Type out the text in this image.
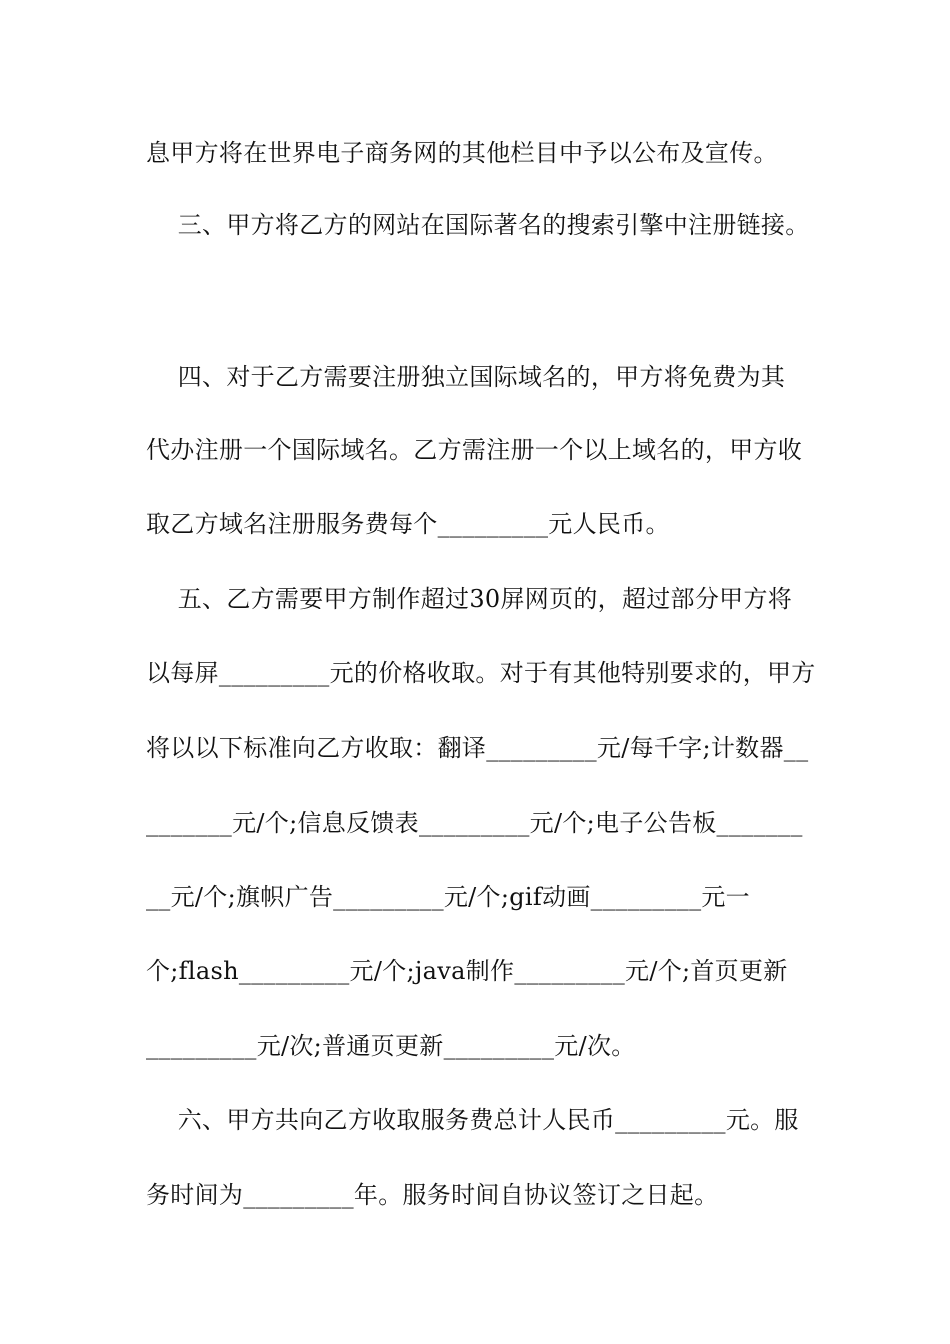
息甲方将在世界电子商务网的其他栏目中予以公布及宣传。
三、甲方将乙方的网站在国际著名的搜索引擎中注册链接。
四、对于乙方需要注册独立国际域名的，甲方将免费为其
代办注册一个国际域名。乙方需注册一个以上域名的，甲方收
取乙方域名注册服务费每个_________元人民币。
五、乙方需要甲方制作超过30屏网页的，超过部分甲方将
以每屏_________元的价格收取。对于有其他特别要求的，甲方
将以以下标准向乙方收取：翻译_________元/每千字;计数器__
_______元/个;信息反馈表_________元/个;电子公告板_______
__元/个;旗帜广告_________元/个;gif动画_________元一
个;flash_________元/个;java制作_________元/个;首页更新
_________元/次;普通页更新_________元/次。
六、甲方共向乙方收取服务费总计人民币_________元。服
务时间为_________年。服务时间自协议签订之日起。
